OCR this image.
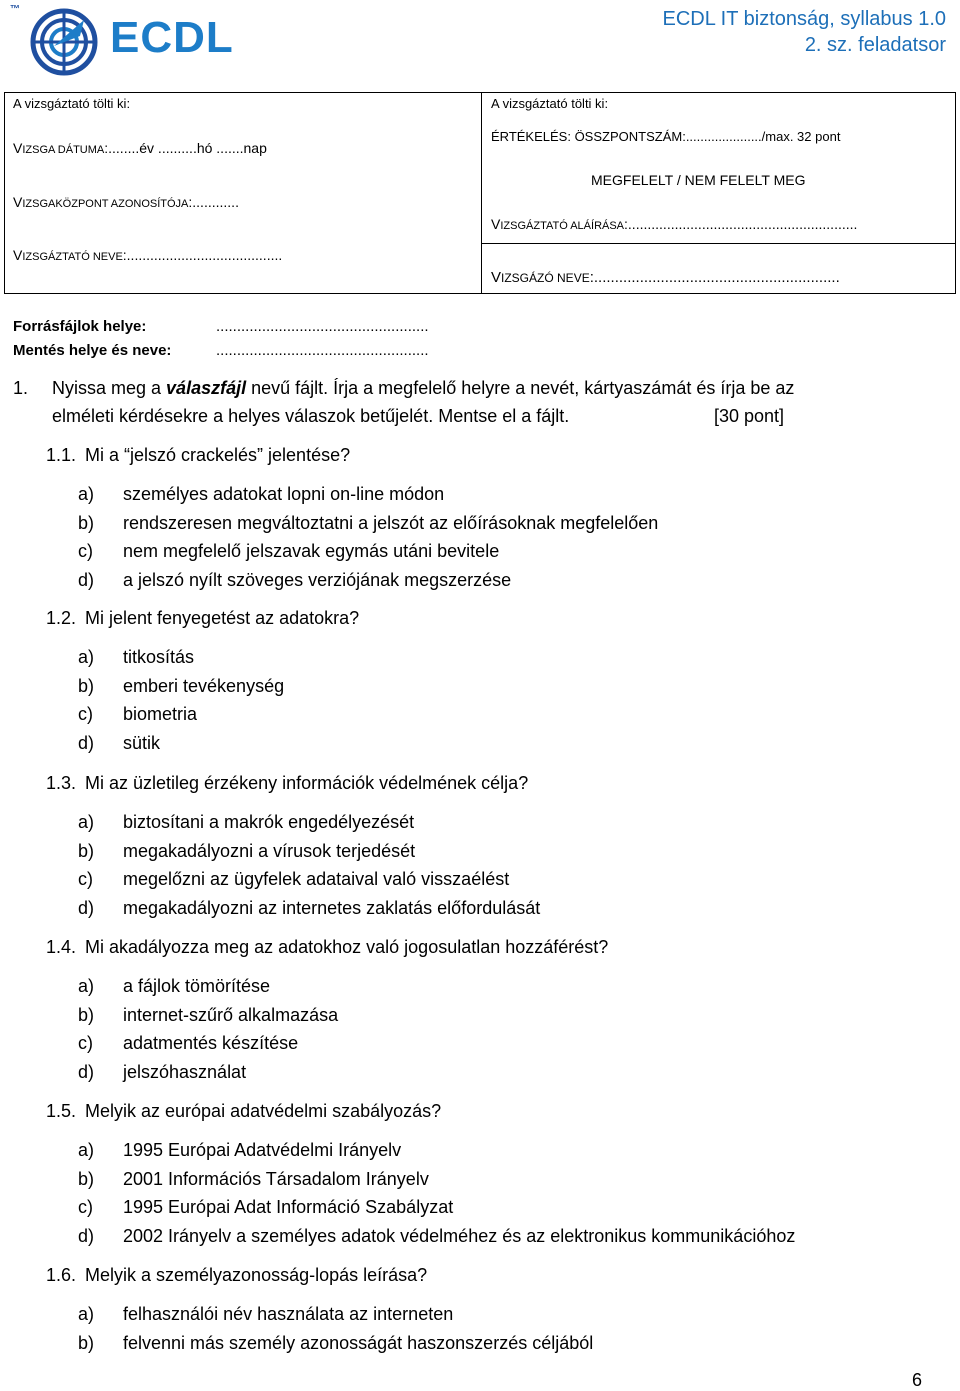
™
ECDL	ECDL IT biztonság, syllabus 1.0
2. sz. feladatsor
A vizsgáztató tölti ki:
VIZSGA DÁTUMA:........év ..........hó .......nap
VIZSGAKÖZPONT AZONOSÍTÓJA:............
VIZSGÁZTATÓ NEVE:........................................
A vizsgáztató tölti ki:
ÉRTÉKELÉS: ÖSSZPONTSZÁM:...................../max. 32 pont
MEGFELELT / NEM FELELT MEG
VIZSGÁZTATÓ ALÁÍRÁSA:...........................................................
VIZSGÁZÓ NEVE:...........................................................
Forrásfájlok helye:	...................................................
Mentés helye és neve:	...................................................
1. Nyissa meg a válaszfájl nevű fájlt. Írja a megfelelő helyre a nevét, kártyaszámát és írja be az
elméleti kérdésekre a helyes válaszok betűjelét. Mentse el a fájlt.	[30 pont]
1.1. Mi a “jelszó crackelés” jelentése?
a) személyes adatokat lopni on-line módon
b) rendszeresen megváltoztatni a jelszót az előírásoknak megfelelően
c) nem megfelelő jelszavak egymás utáni bevitele
d) a jelszó nyílt szöveges verziójának megszerzése
1.2. Mi jelent fenyegetést az adatokra?
a) titkosítás
b) emberi tevékenység
c) biometria
d) sütik
1.3. Mi az üzletileg érzékeny információk védelmének célja?
a) biztosítani a makrók engedélyezését
b) megakadályozni a vírusok terjedését
c) megelőzni az ügyfelek adataival való visszaélést
d) megakadályozni az internetes zaklatás előfordulását
1.4. Mi akadályozza meg az adatokhoz való jogosulatlan hozzáférést?
a) a fájlok tömörítése
b) internet-szűrő alkalmazása
c) adatmentés készítése
d) jelszóhasználat
1.5. Melyik az európai adatvédelmi szabályozás?
a) 1995 Európai Adatvédelmi Irányelv
b) 2001 Információs Társadalom Irányelv
c) 1995 Európai Adat Információ Szabályzat
d) 2002 Irányelv a személyes adatok védelméhez és az elektronikus kommunikációhoz
1.6. Melyik a személyazonosság-lopás leírása?
a) felhasználói név használata az interneten
b) felvenni más személy azonosságát haszonszerzés céljából
6
